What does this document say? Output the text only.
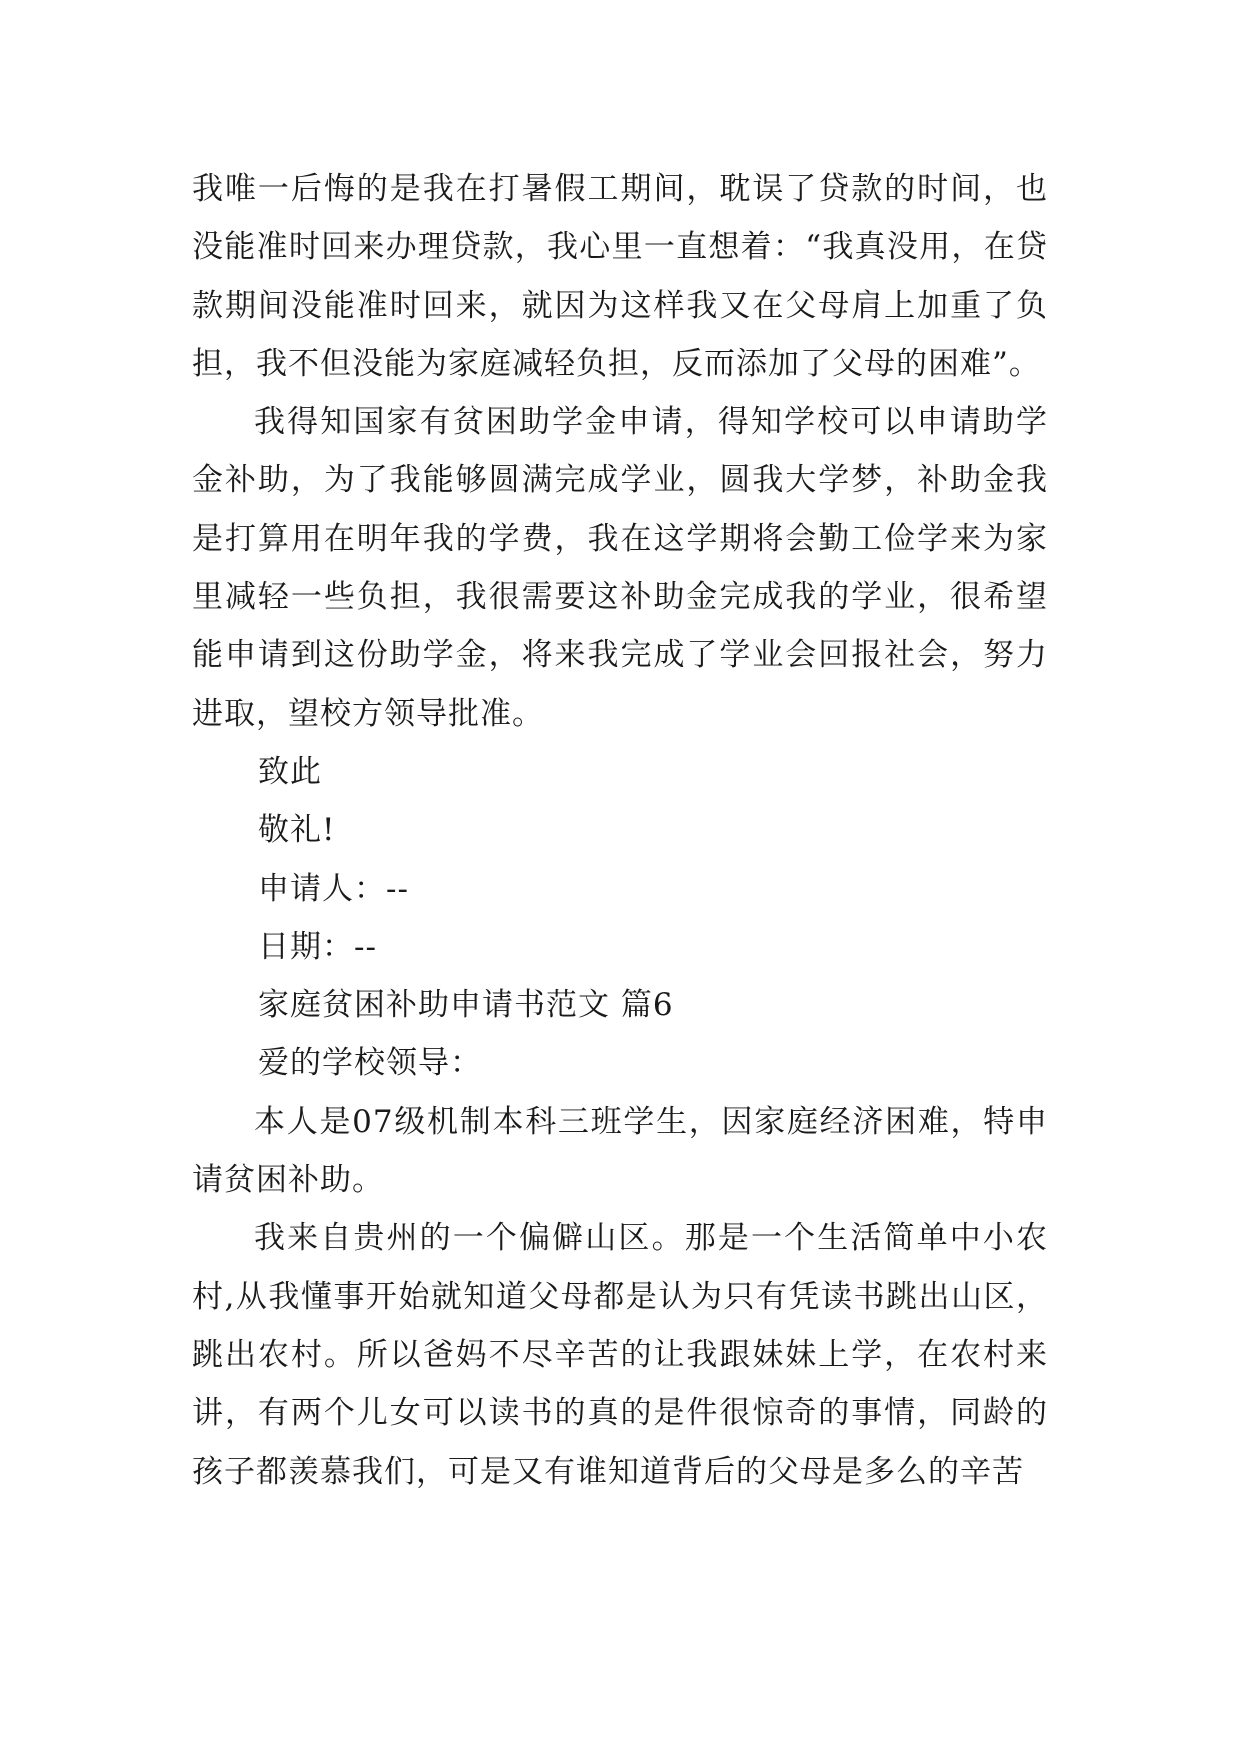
我唯一后悔的是我在打暑假工期间，耽误了贷款的时间，也没能准时回来办理贷款，我心里一直想着：“我真没用，在贷款期间没能准时回来，就因为这样我又在父母肩上加重了负担，我不但没能为家庭减轻负担，反而添加了父母的困难”。

我得知国家有贫困助学金申请，得知学校可以申请助学金补助，为了我能够圆满完成学业，圆我大学梦，补助金我是打算用在明年我的学费，我在这学期将会勤工俭学来为家里减轻一些负担，我很需要这补助金完成我的学业，很希望能申请到这份助学金，将来我完成了学业会回报社会，努力进取，望校方领导批准。

致此

敬礼!

申请人：--

日期：--

家庭贫困补助申请书范文 篇6

爱的学校领导：

本人是07级机制本科三班学生，因家庭经济困难，特申请贫困补助。

我来自贵州的一个偏僻山区。那是一个生活简单中小农村,从我懂事开始就知道父母都是认为只有凭读书跳出山区，跳出农村。所以爸妈不尽辛苦的让我跟妹妹上学，在农村来讲，有两个儿女可以读书的真的是件很惊奇的事情，同龄的孩子都羡慕我们，可是又有谁知道背后的父母是多么的辛苦
